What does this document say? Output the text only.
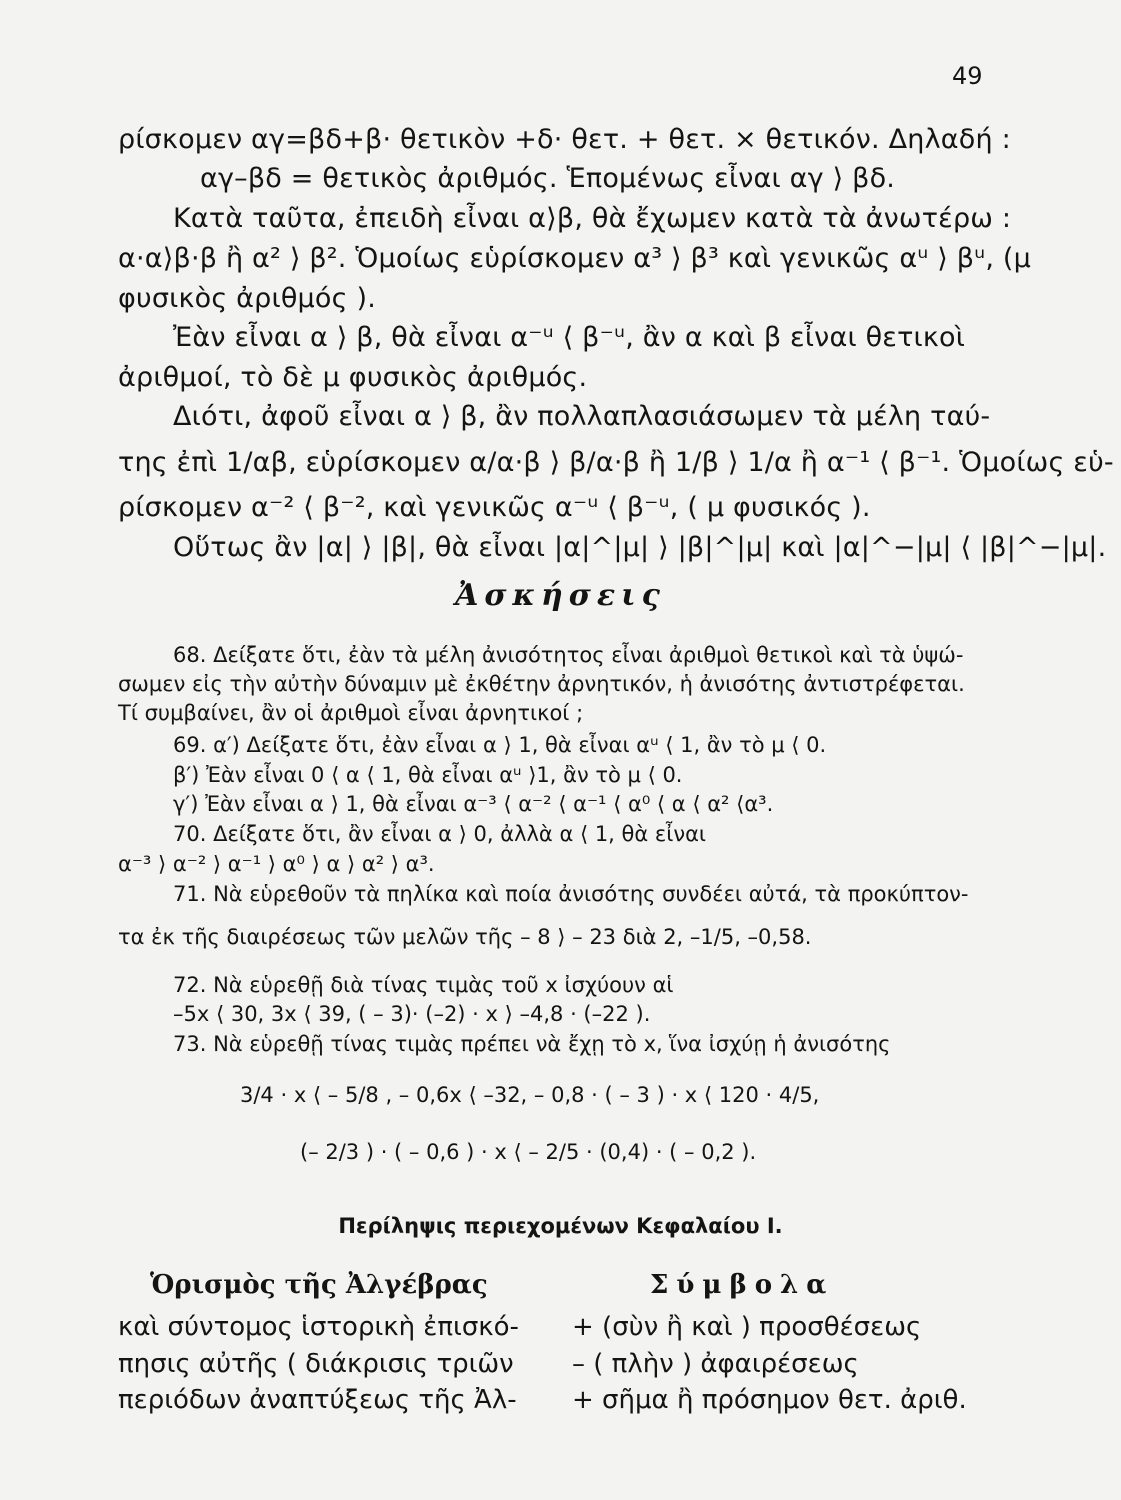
49
ρίσκομεν αγ=βδ+β· θετικὸν +δ· θετ. + θετ. × θετικόν. Δηλαδή :
αγ–βδ = θετικὸς ἀριθμός. Ἑπομένως εἶναι αγ ⟩ βδ.
Κατὰ ταῦτα, ἐπειδὴ εἶναι α⟩β, θὰ ἔχωμεν κατὰ τὰ ἀνωτέρω :
α·α⟩β·β ἢ α² ⟩ β². Ὁμοίως εὑρίσκομεν α³ ⟩ β³ καὶ γενικῶς αᵘ ⟩ βᵘ, (μ
φυσικὸς ἀριθμός ).
Ἐὰν εἶναι α ⟩ β, θὰ εἶναι α⁻ᵘ ⟨ β⁻ᵘ, ἂν α καὶ β εἶναι θετικοὶ
ἀριθμοί, τὸ δὲ μ φυσικὸς ἀριθμός.
Διότι, ἀφοῦ εἶναι α ⟩ β, ἂν πολλαπλασιάσωμεν τὰ μέλη ταύ-
της ἐπὶ 1/αβ, εὑρίσκομεν α/α·β ⟩ β/α·β ἢ 1/β ⟩ 1/α ἢ α⁻¹ ⟨ β⁻¹. Ὁμοίως εὑ-
ρίσκομεν α⁻² ⟨ β⁻², καὶ γενικῶς α⁻ᵘ ⟨ β⁻ᵘ, ( μ φυσικός ).
Οὕτως ἂν |α| ⟩ |β|, θὰ εἶναι |α|^|μ| ⟩ |β|^|μ| καὶ |α|^−|μ| ⟨ |β|^−|μ|.
Ἀσκήσεις
68. Δείξατε ὅτι, ἐὰν τὰ μέλη ἀνισότητος εἶναι ἀριθμοὶ θετικοὶ καὶ τὰ ὑψώ-
σωμεν εἰς τὴν αὐτὴν δύναμιν μὲ ἐκθέτην ἀρνητικόν, ἡ ἀνισότης ἀντιστρέφεται.
Τί συμβαίνει, ἂν οἱ ἀριθμοὶ εἶναι ἀρνητικοί ;
69. α′) Δείξατε ὅτι, ἐὰν εἶναι α ⟩ 1, θὰ εἶναι αᵘ ⟨ 1, ἂν τὸ μ ⟨ 0.
β′) Ἐὰν εἶναι 0 ⟨ α ⟨ 1, θὰ εἶναι αᵘ ⟩1, ἂν τὸ μ ⟨ 0.
γ′) Ἐὰν εἶναι α ⟩ 1, θὰ εἶναι α⁻³ ⟨ α⁻² ⟨ α⁻¹ ⟨ α⁰ ⟨ α ⟨ α² ⟨α³.
70. Δείξατε ὅτι, ἂν εἶναι α ⟩ 0, ἀλλὰ α ⟨ 1, θὰ εἶναι
α⁻³ ⟩ α⁻² ⟩ α⁻¹ ⟩ α⁰ ⟩ α ⟩ α² ⟩ α³.
71. Νὰ εὑρεθοῦν τὰ πηλίκα καὶ ποία ἀνισότης συνδέει αὐτά, τὰ προκύπτον-
τα ἐκ τῆς διαιρέσεως τῶν μελῶν τῆς – 8 ⟩ – 23 διὰ 2, –1/5, –0,58.
72. Νὰ εὑρεθῇ διὰ τίνας τιμὰς τοῦ x ἰσχύουν αἱ
–5x ⟨ 30, 3x ⟨ 39, ( – 3)· (–2) · x ⟩ –4,8 · (–22 ).
73. Νὰ εὑρεθῇ τίνας τιμὰς πρέπει νὰ ἔχῃ τὸ x, ἵνα ἰσχύῃ ἡ ἀνισότης
3/4 · x ⟨ – 5/8 , – 0,6x ⟨ –32, – 0,8 · ( – 3 ) · x ⟨ 120 · 4/5,
(– 2/3 ) · ( – 0,6 ) · x ⟨ – 2/5 · (0,4) · ( – 0,2 ).
Περίληψις περιεχομένων Κεφαλαίου Ι.
Ὁρισμὸς τῆς Ἀλγέβρας	Σύμβολα
καὶ σύντομος ἱστορικὴ ἐπισκό-
πησις αὐτῆς ( διάκρισις τριῶν
περιόδων ἀναπτύξεως τῆς Ἀλ-
+ (σὺν ἢ καὶ ) προσθέσεως
– ( πλὴν ) ἀφαιρέσεως
+ σῆμα ἢ πρόσημον θετ. ἀριθ.
